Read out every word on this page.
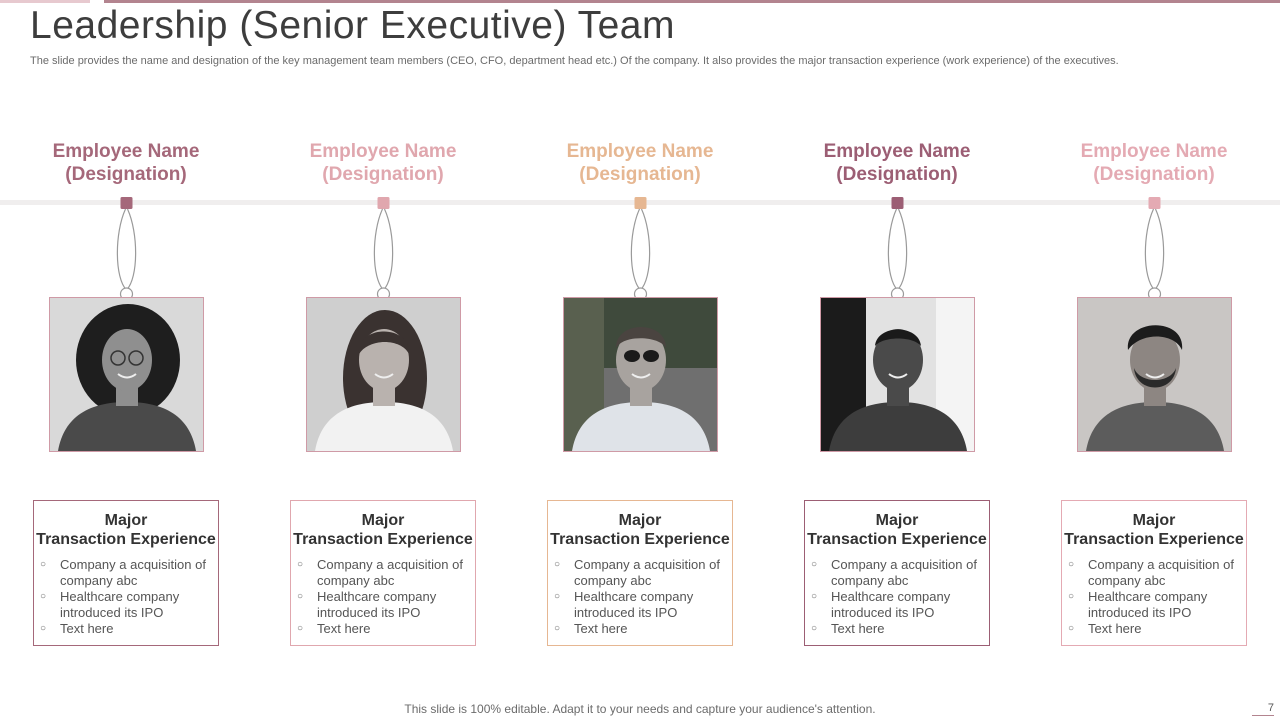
Leadership (Senior Executive) Team
The slide provides the name and designation of the key management team members (CEO, CFO, department head etc.) Of the company. It also provides the major transaction experience (work experience) of the executives.
Employee Name
(Designation)
Major
Transaction Experience
○ Company a acquisition of company abc
○ Healthcare company introduced its IPO
○ Text here
Employee Name
(Designation)
Major
Transaction Experience
○ Company a acquisition of company abc
○ Healthcare company introduced its IPO
○ Text here
Employee Name
(Designation)
Major
Transaction Experience
○ Company a acquisition of company abc
○ Healthcare company introduced its IPO
○ Text here
Employee Name
(Designation)
Major
Transaction Experience
○ Company a acquisition of company abc
○ Healthcare company introduced its IPO
○ Text here
Employee Name
(Designation)
Major
Transaction Experience
○ Company a acquisition of company abc
○ Healthcare company introduced its IPO
○ Text here
This slide is 100% editable. Adapt it to your needs and capture your audience's attention.	7
